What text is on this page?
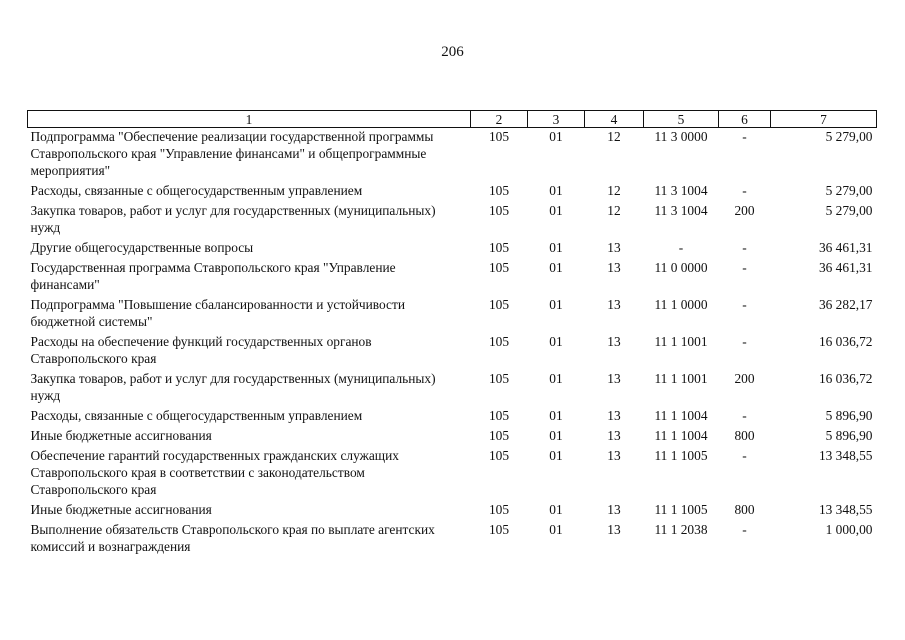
206
1	2	3	4	5	6	7
Подпрограмма "Обеспечение реализации государственной программы Ставропольского края "Управление финансами" и общепрограммные мероприятия"	105	01	12	11 3 0000	-	5 279,00
Расходы, связанные с общегосударственным управлением	105	01	12	11 3 1004	-	5 279,00
Закупка товаров, работ и услуг для государственных (муниципальных) нужд	105	01	12	11 3 1004	200	5 279,00
Другие общегосударственные вопросы	105	01	13	-	-	36 461,31
Государственная программа Ставропольского края "Управление финансами"	105	01	13	11 0 0000	-	36 461,31
Подпрограмма "Повышение сбалансированности и устойчивости бюджетной системы"	105	01	13	11 1 0000	-	36 282,17
Расходы на обеспечение функций государственных органов Ставропольского края	105	01	13	11 1 1001	-	16 036,72
Закупка товаров, работ и услуг для государственных (муниципальных) нужд	105	01	13	11 1 1001	200	16 036,72
Расходы, связанные с общегосударственным управлением	105	01	13	11 1 1004	-	5 896,90
Иные бюджетные ассигнования	105	01	13	11 1 1004	800	5 896,90
Обеспечение гарантий государственных гражданских служащих Ставропольского края в соответствии с законодательством Ставропольского края	105	01	13	11 1 1005	-	13 348,55
Иные бюджетные ассигнования	105	01	13	11 1 1005	800	13 348,55
Выполнение обязательств Ставропольского края по выплате агентских комиссий и вознаграждения	105	01	13	11 1 2038	-	1 000,00
